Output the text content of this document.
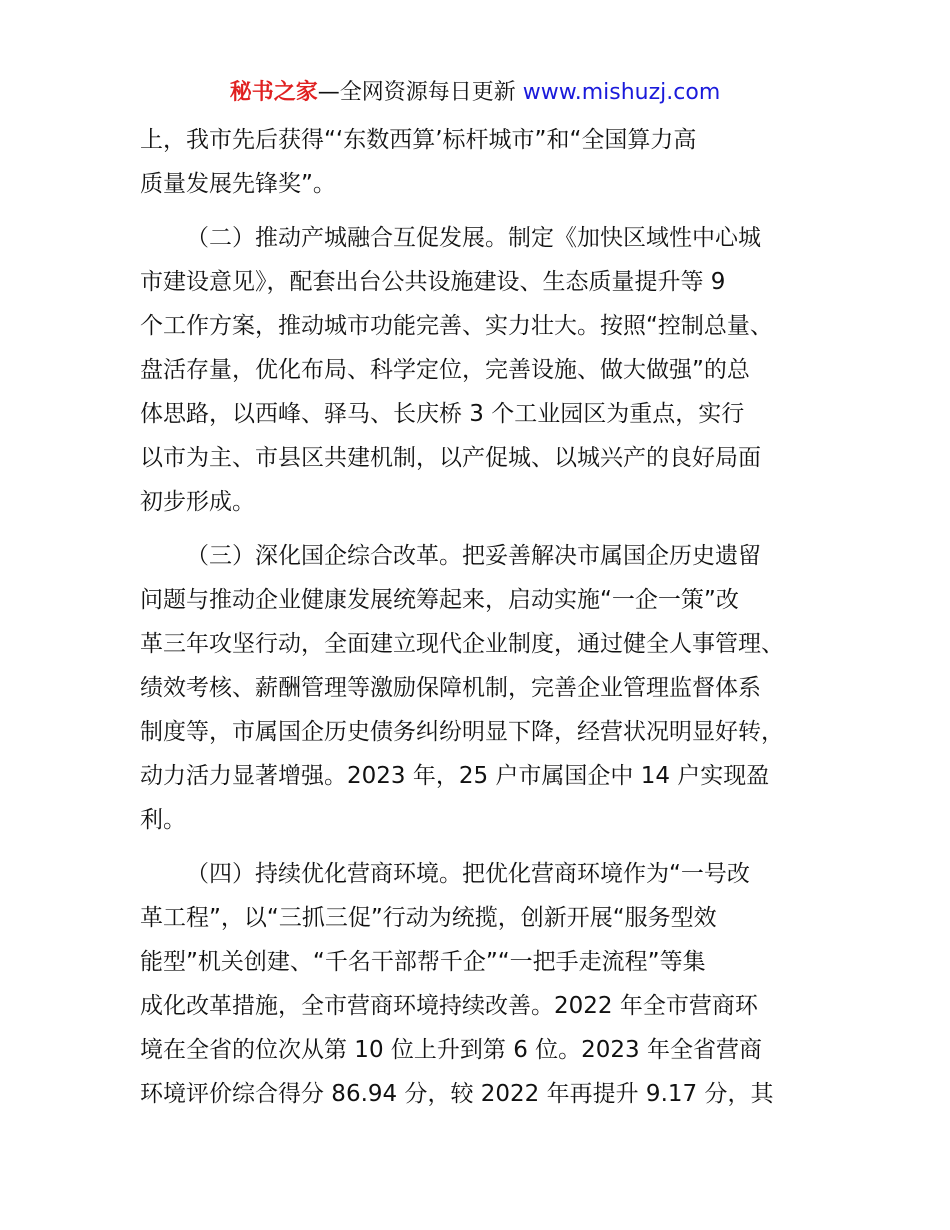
秘书之家—全网资源每日更新 www.mishuzj.com
上，我市先后获得“‘东数西算’标杆城市”和“全国算力高
质量发展先锋奖”。
（二）推动产城融合互促发展。制定《加快区域性中心城
市建设意见》，配套出台公共设施建设、生态质量提升等 9
个工作方案，推动城市功能完善、实力壮大。按照“控制总量、
盘活存量，优化布局、科学定位，完善设施、做大做强”的总
体思路，以西峰、驿马、长庆桥 3 个工业园区为重点，实行
以市为主、市县区共建机制，以产促城、以城兴产的良好局面
初步形成。
（三）深化国企综合改革。把妥善解决市属国企历史遗留
问题与推动企业健康发展统筹起来，启动实施“一企一策”改
革三年攻坚行动，全面建立现代企业制度，通过健全人事管理、
绩效考核、薪酬管理等激励保障机制，完善企业管理监督体系
制度等，市属国企历史债务纠纷明显下降，经营状况明显好转，
动力活力显著增强。2023 年，25 户市属国企中 14 户实现盈
利。
（四）持续优化营商环境。把优化营商环境作为“一号改
革工程”，以“三抓三促”行动为统揽，创新开展“服务型效
能型”机关创建、“千名干部帮千企”“一把手走流程”等集
成化改革措施，全市营商环境持续改善。2022 年全市营商环
境在全省的位次从第 10 位上升到第 6 位。2023 年全省营商
环境评价综合得分 86.94 分，较 2022 年再提升 9.17 分，其
